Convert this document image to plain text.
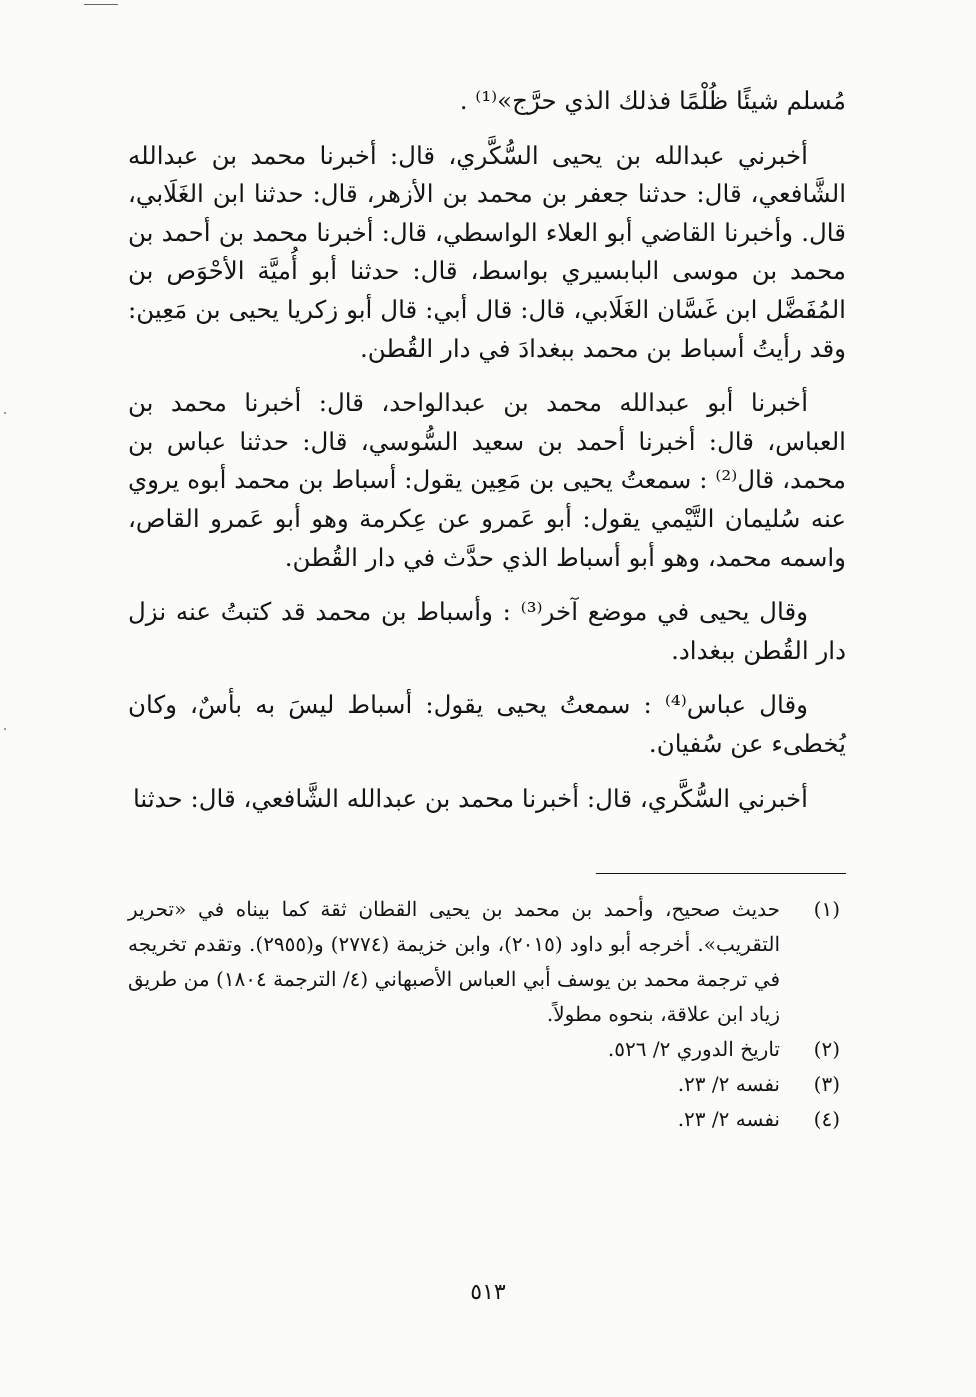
مُسلم شيئًا ظُلْمًا فذلك الذي حرَّج»⁽¹⁾ .

أخبرني عبدالله بن يحيى السُّكَّري، قال: أخبرنا محمد بن عبدالله الشَّافعي، قال: حدثنا جعفر بن محمد بن الأزهر، قال: حدثنا ابن الغَلَابي، قال. وأخبرنا القاضي أبو العلاء الواسطي، قال: أخبرنا محمد بن أحمد بن محمد بن موسى البابسيري بواسط، قال: حدثنا أبو أُميَّة الأحْوَص بن المُفَضَّل ابن غَسَّان الغَلَابي، قال: قال أبي: قال أبو زكريا يحيى بن مَعِين: وقد رأيتُ أسباط بن محمد ببغدادَ في دار القُطن.

أخبرنا أبو عبدالله محمد بن عبدالواحد، قال: أخبرنا محمد بن العباس، قال: أخبرنا أحمد بن سعيد السُّوسي، قال: حدثنا عباس بن محمد، قال⁽²⁾ : سمعتُ يحيى بن مَعِين يقول: أسباط بن محمد أبوه يروي عنه سُليمان التَّيْمي يقول: أبو عَمرو عن عِكرمة وهو أبو عَمرو القاص، واسمه محمد، وهو أبو أسباط الذي حدَّث في دار القُطن.

وقال يحيى في موضع آخر⁽³⁾ : وأسباط بن محمد قد كتبتُ عنه نزل دار القُطن ببغداد.

وقال عباس⁽⁴⁾ : سمعتُ يحيى يقول: أسباط ليسَ به بأسٌ، وكان يُخطىء عن سُفيان.

أخبرني السُّكَّري، قال: أخبرنا محمد بن عبدالله الشَّافعي، قال: حدثنا

(١)
حديث صحيح، وأحمد بن محمد بن يحيى القطان ثقة كما بيناه في «تحرير التقريب». أخرجه أبو داود (٢٠١٥)، وابن خزيمة (٢٧٧٤) و(٢٩٥٥). وتقدم تخريجه في ترجمة محمد بن يوسف أبي العباس الأصبهاني (٤/ الترجمة ١٨٠٤) من طريق زياد ابن علاقة، بنحوه مطولاً.
(٢)
تاريخ الدوري ٢/ ٥٢٦.
(٣)
نفسه ٢/ ٢٣.
(٤)
نفسه ٢/ ٢٣.
٥١٣
